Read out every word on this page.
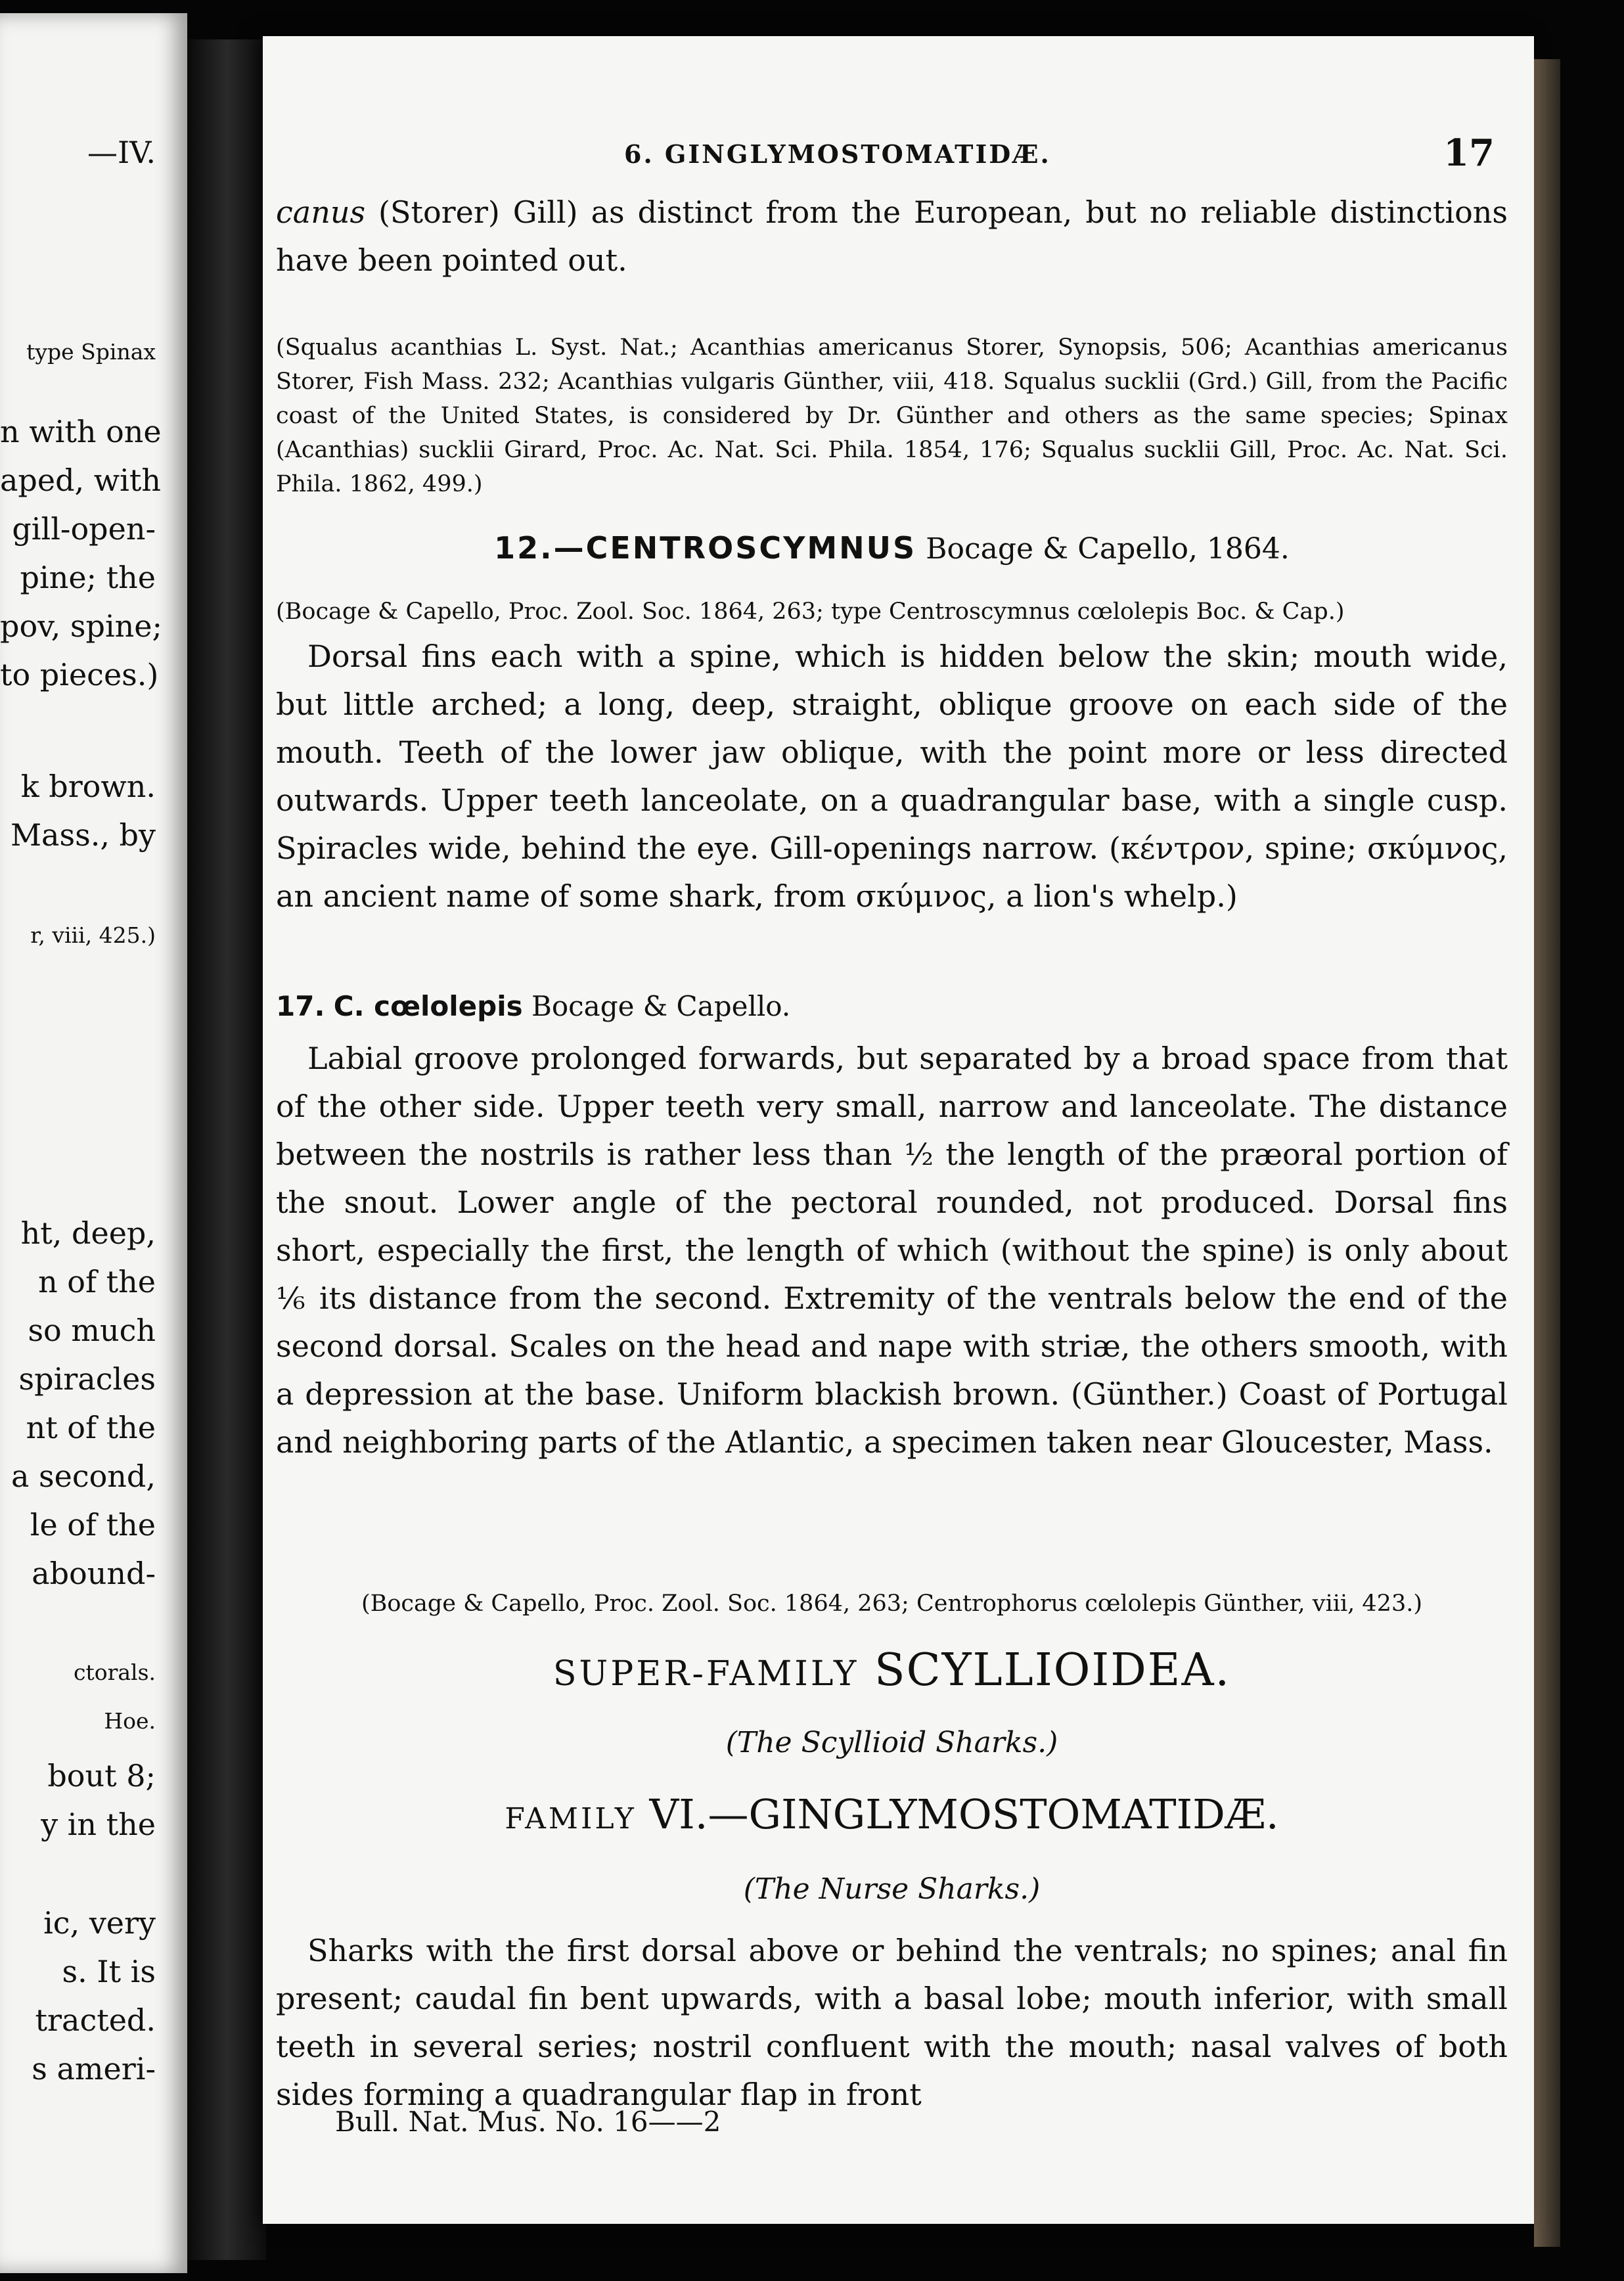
—IV.
type Spinax
n with one
aped, with
gill-open-
pine; the
pov, spine;
to pieces.)
k brown.
Mass., by
r, viii, 425.)
ht, deep,
n of the
so much
spiracles
nt of the
a second,
le of the
abound-
ctorals.
Hoe.
bout 8;
y in the
ic, very
s. It is
tracted.
s ameri-
6. GINGLYMOSTOMATIDÆ.	17

canus (Storer) Gill) as distinct from the European, but no reliable distinctions have been pointed out.

(Squalus acanthias L. Syst. Nat.; Acanthias americanus Storer, Synopsis, 506; Acanthias americanus Storer, Fish Mass. 232; Acanthias vulgaris Günther, viii, 418. Squalus sucklii (Grd.) Gill, from the Pacific coast of the United States, is considered by Dr. Günther and others as the same species; Spinax (Acanthias) sucklii Girard, Proc. Ac. Nat. Sci. Phila. 1854, 176; Squalus sucklii Gill, Proc. Ac. Nat. Sci. Phila. 1862, 499.)

12.—CENTROSCYMNUS Bocage & Capello, 1864.

(Bocage & Capello, Proc. Zool. Soc. 1864, 263; type Centroscymnus cœlolepis Boc. & Cap.)

Dorsal fins each with a spine, which is hidden below the skin; mouth wide, but little arched; a long, deep, straight, oblique groove on each side of the mouth. Teeth of the lower jaw oblique, with the point more or less directed outwards. Upper teeth lanceolate, on a quadrangular base, with a single cusp. Spiracles wide, behind the eye. Gill-openings narrow. (κέντρον, spine; σκύμνος, an ancient name of some shark, from σκύμνος, a lion's whelp.)

17. C. cœlolepis Bocage & Capello.

Labial groove prolonged forwards, but separated by a broad space from that of the other side. Upper teeth very small, narrow and lanceolate. The distance between the nostrils is rather less than ½ the length of the præoral portion of the snout. Lower angle of the pectoral rounded, not produced. Dorsal fins short, especially the first, the length of which (without the spine) is only about ⅙ its distance from the second. Extremity of the ventrals below the end of the second dorsal. Scales on the head and nape with striæ, the others smooth, with a depression at the base. Uniform blackish brown. (Günther.) Coast of Portugal and neighboring parts of the Atlantic, a specimen taken near Gloucester, Mass.

(Bocage & Capello, Proc. Zool. Soc. 1864, 263; Centrophorus cœlolepis Günther, viii, 423.)

SUPER-FAMILY SCYLLIOIDEA.
(The Scyllioid Sharks.)
FAMILY VI.—GINGLYMOSTOMATIDÆ.
(The Nurse Sharks.)

Sharks with the first dorsal above or behind the ventrals; no spines; anal fin present; caudal fin bent upwards, with a basal lobe; mouth inferior, with small teeth in several series; nostril confluent with the mouth; nasal valves of both sides forming a quadrangular flap in front

Bull. Nat. Mus. No. 16——2
